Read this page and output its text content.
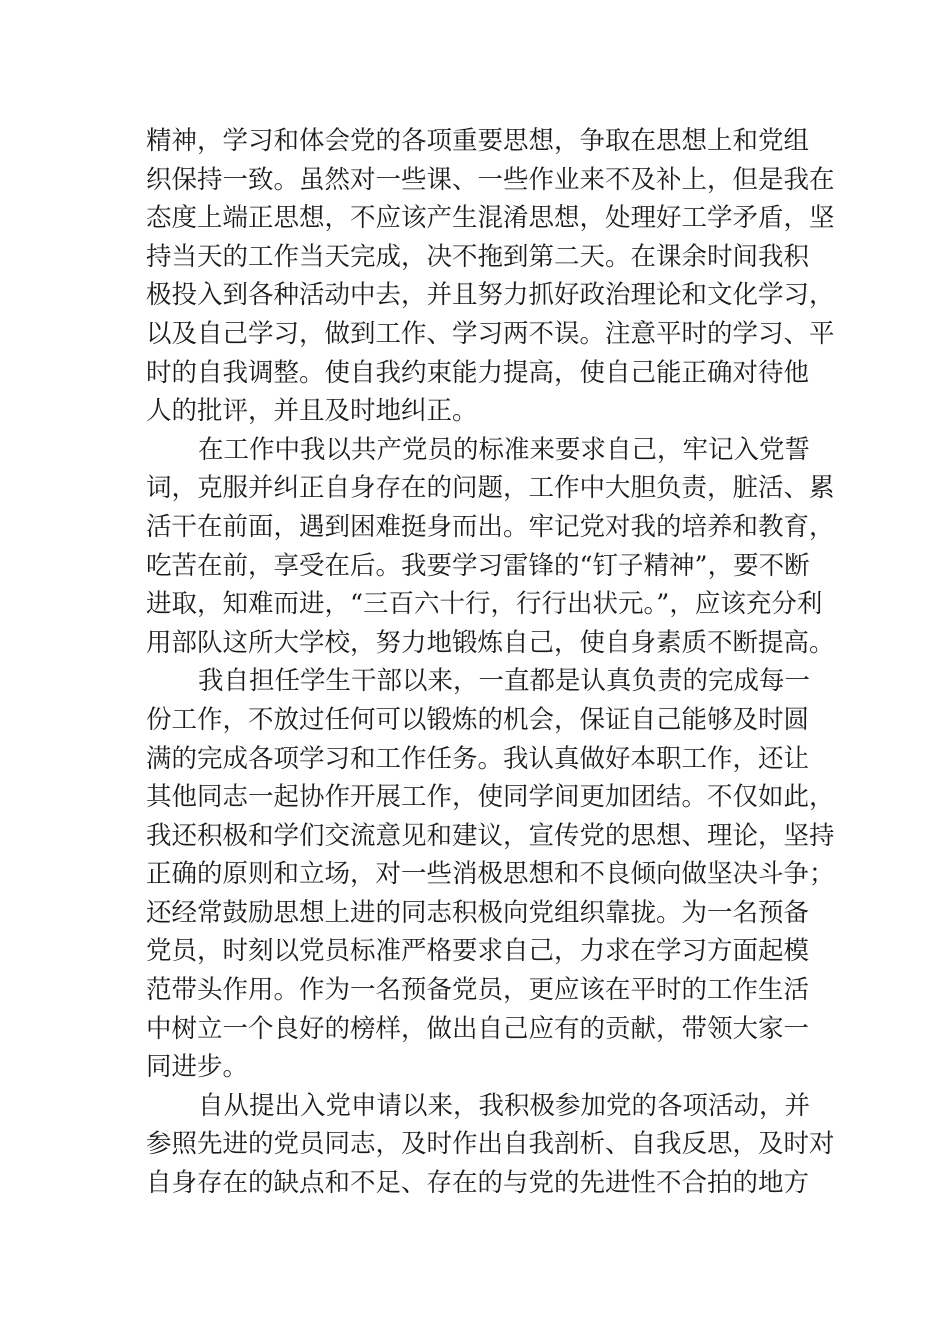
精神，学习和体会党的各项重要思想，争取在思想上和党组
织保持一致。虽然对一些课、一些作业来不及补上，但是我在
态度上端正思想，不应该产生混淆思想，处理好工学矛盾，坚
持当天的工作当天完成，决不拖到第二天。在课余时间我积
极投入到各种活动中去，并且努力抓好政治理论和文化学习，
以及自己学习，做到工作、学习两不误。注意平时的学习、平
时的自我调整。使自我约束能力提高，使自己能正确对待他
人的批评，并且及时地纠正。
在工作中我以共产党员的标准来要求自己，牢记入党誓
词，克服并纠正自身存在的问题，工作中大胆负责，脏活、累
活干在前面，遇到困难挺身而出。牢记党对我的培养和教育，
吃苦在前，享受在后。我要学习雷锋的“钉子精神”，要不断
进取，知难而进，“三百六十行，行行出状元。”，应该充分利
用部队这所大学校，努力地锻炼自己，使自身素质不断提高。
我自担任学生干部以来，一直都是认真负责的完成每一
份工作，不放过任何可以锻炼的机会，保证自己能够及时圆
满的完成各项学习和工作任务。我认真做好本职工作，还让
其他同志一起协作开展工作，使同学间更加团结。不仅如此，
我还积极和学们交流意见和建议，宣传党的思想、理论，坚持
正确的原则和立场，对一些消极思想和不良倾向做坚决斗争；
还经常鼓励思想上进的同志积极向党组织靠拢。为一名预备
党员，时刻以党员标准严格要求自己，力求在学习方面起模
范带头作用。作为一名预备党员，更应该在平时的工作生活
中树立一个良好的榜样，做出自己应有的贡献，带领大家一
同进步。
自从提出入党申请以来，我积极参加党的各项活动，并
参照先进的党员同志，及时作出自我剖析、自我反思，及时对
自身存在的缺点和不足、存在的与党的先进性不合拍的地方
